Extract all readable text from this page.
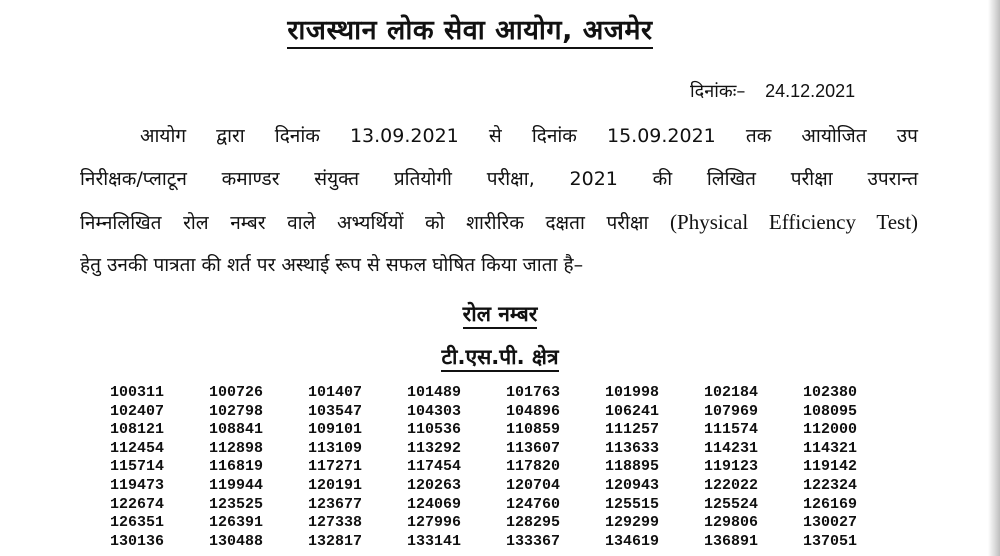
राजस्थान लोक सेवा आयोग, अजमेर
दिनांकः– 24.12.2021
आयोग द्वारा दिनांक 13.09.2021 से दिनांक 15.09.2021 तक आयोजित उप
निरीक्षक/प्लाटून कमाण्डर संयुक्त प्रतियोगी परीक्षा, 2021 की लिखित परीक्षा उपरान्त
निम्नलिखित रोल नम्बर वाले अभ्यर्थियों को शारीरिक दक्षता परीक्षा (Physical Efficiency Test)
हेतु उनकी पात्रता की शर्त पर अस्थाई रूप से सफल घोषित किया जाता है–
रोल नम्बर
टी.एस.पी. क्षेत्र
100311	100726	101407	101489	101763	101998	102184	102380
102407	102798	103547	104303	104896	106241	107969	108095
108121	108841	109101	110536	110859	111257	111574	112000
112454	112898	113109	113292	113607	113633	114231	114321
115714	116819	117271	117454	117820	118895	119123	119142
119473	119944	120191	120263	120704	120943	122022	122324
122674	123525	123677	124069	124760	125515	125524	126169
126351	126391	127338	127996	128295	129299	129806	130027
130136	130488	132817	133141	133367	134619	136891	137051
